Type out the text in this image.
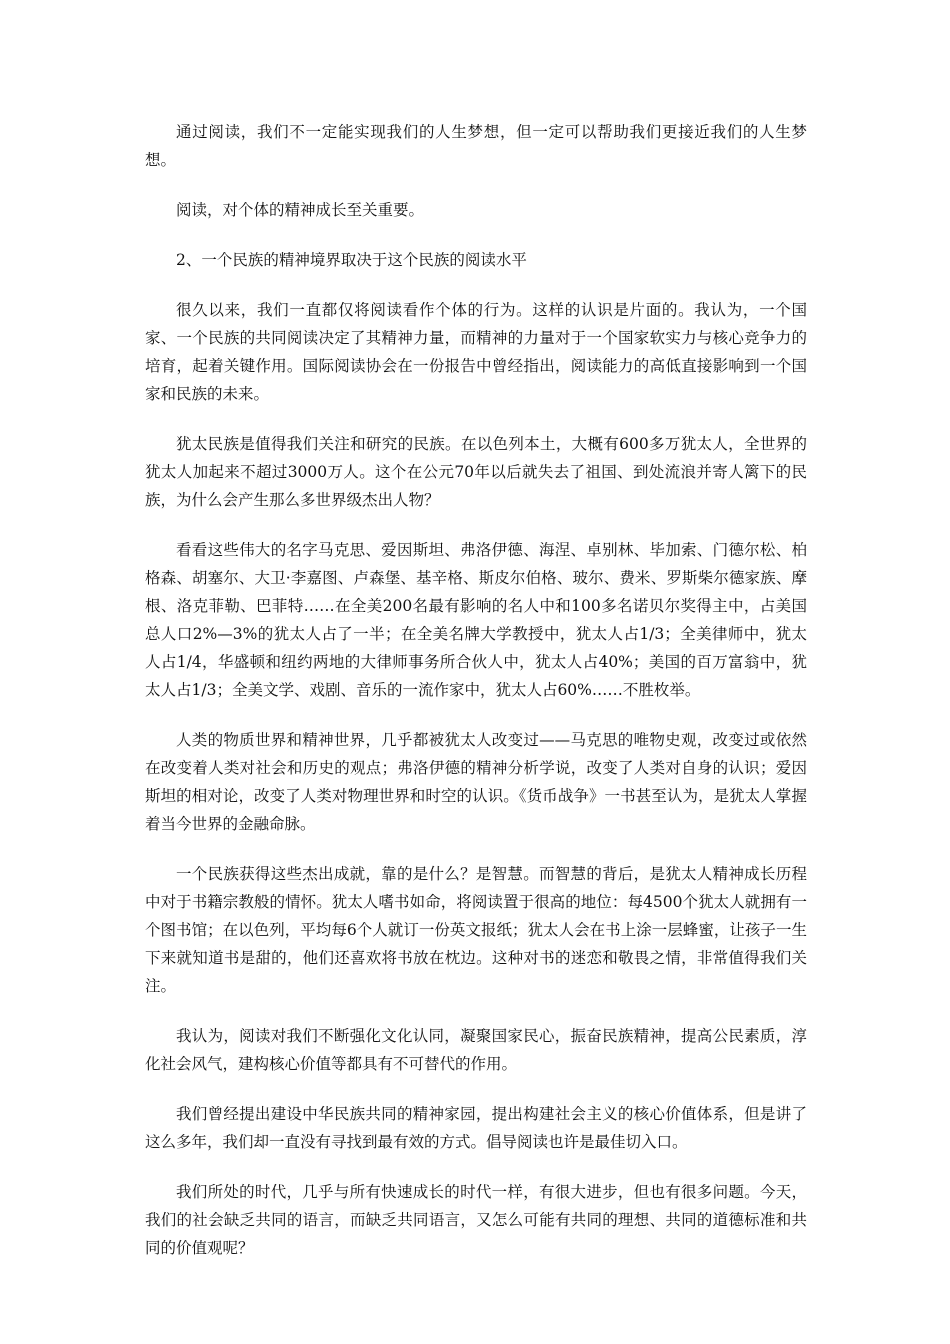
通过阅读，我们不一定能实现我们的人生梦想，但一定可以帮助我们更接近我们的人生梦想。

阅读，对个体的精神成长至关重要。

2、一个民族的精神境界取决于这个民族的阅读水平

很久以来，我们一直都仅将阅读看作个体的行为。这样的认识是片面的。我认为，一个国家、一个民族的共同阅读决定了其精神力量，而精神的力量对于一个国家软实力与核心竞争力的培育，起着关键作用。国际阅读协会在一份报告中曾经指出，阅读能力的高低直接影响到一个国家和民族的未来。

犹太民族是值得我们关注和研究的民族。在以色列本土，大概有600多万犹太人，全世界的犹太人加起来不超过3000万人。这个在公元70年以后就失去了祖国、到处流浪并寄人篱下的民族，为什么会产生那么多世界级杰出人物？

看看这些伟大的名字马克思、爱因斯坦、弗洛伊德、海涅、卓别林、毕加索、门德尔松、柏格森、胡塞尔、大卫·李嘉图、卢森堡、基辛格、斯皮尔伯格、玻尔、费米、罗斯柴尔德家族、摩根、洛克菲勒、巴菲特……在全美200名最有影响的名人中和100多名诺贝尔奖得主中，占美国总人口2%—3%的犹太人占了一半；在全美名牌大学教授中，犹太人占1/3；全美律师中，犹太人占1/4，华盛顿和纽约两地的大律师事务所合伙人中，犹太人占40%；美国的百万富翁中，犹太人占1/3；全美文学、戏剧、音乐的一流作家中，犹太人占60%……不胜枚举。

人类的物质世界和精神世界，几乎都被犹太人改变过——马克思的唯物史观，改变过或依然在改变着人类对社会和历史的观点；弗洛伊德的精神分析学说，改变了人类对自身的认识；爱因斯坦的相对论，改变了人类对物理世界和时空的认识。《货币战争》一书甚至认为，是犹太人掌握着当今世界的金融命脉。

一个民族获得这些杰出成就，靠的是什么？是智慧。而智慧的背后，是犹太人精神成长历程中对于书籍宗教般的情怀。犹太人嗜书如命，将阅读置于很高的地位：每4500个犹太人就拥有一个图书馆；在以色列，平均每6个人就订一份英文报纸；犹太人会在书上涂一层蜂蜜，让孩子一生下来就知道书是甜的，他们还喜欢将书放在枕边。这种对书的迷恋和敬畏之情，非常值得我们关注。

我认为，阅读对我们不断强化文化认同，凝聚国家民心，振奋民族精神，提高公民素质，淳化社会风气，建构核心价值等都具有不可替代的作用。

我们曾经提出建设中华民族共同的精神家园，提出构建社会主义的核心价值体系，但是讲了这么多年，我们却一直没有寻找到最有效的方式。倡导阅读也许是最佳切入口。

我们所处的时代，几乎与所有快速成长的时代一样，有很大进步，但也有很多问题。今天，我们的社会缺乏共同的语言，而缺乏共同语言，又怎么可能有共同的理想、共同的道德标准和共同的价值观呢？
